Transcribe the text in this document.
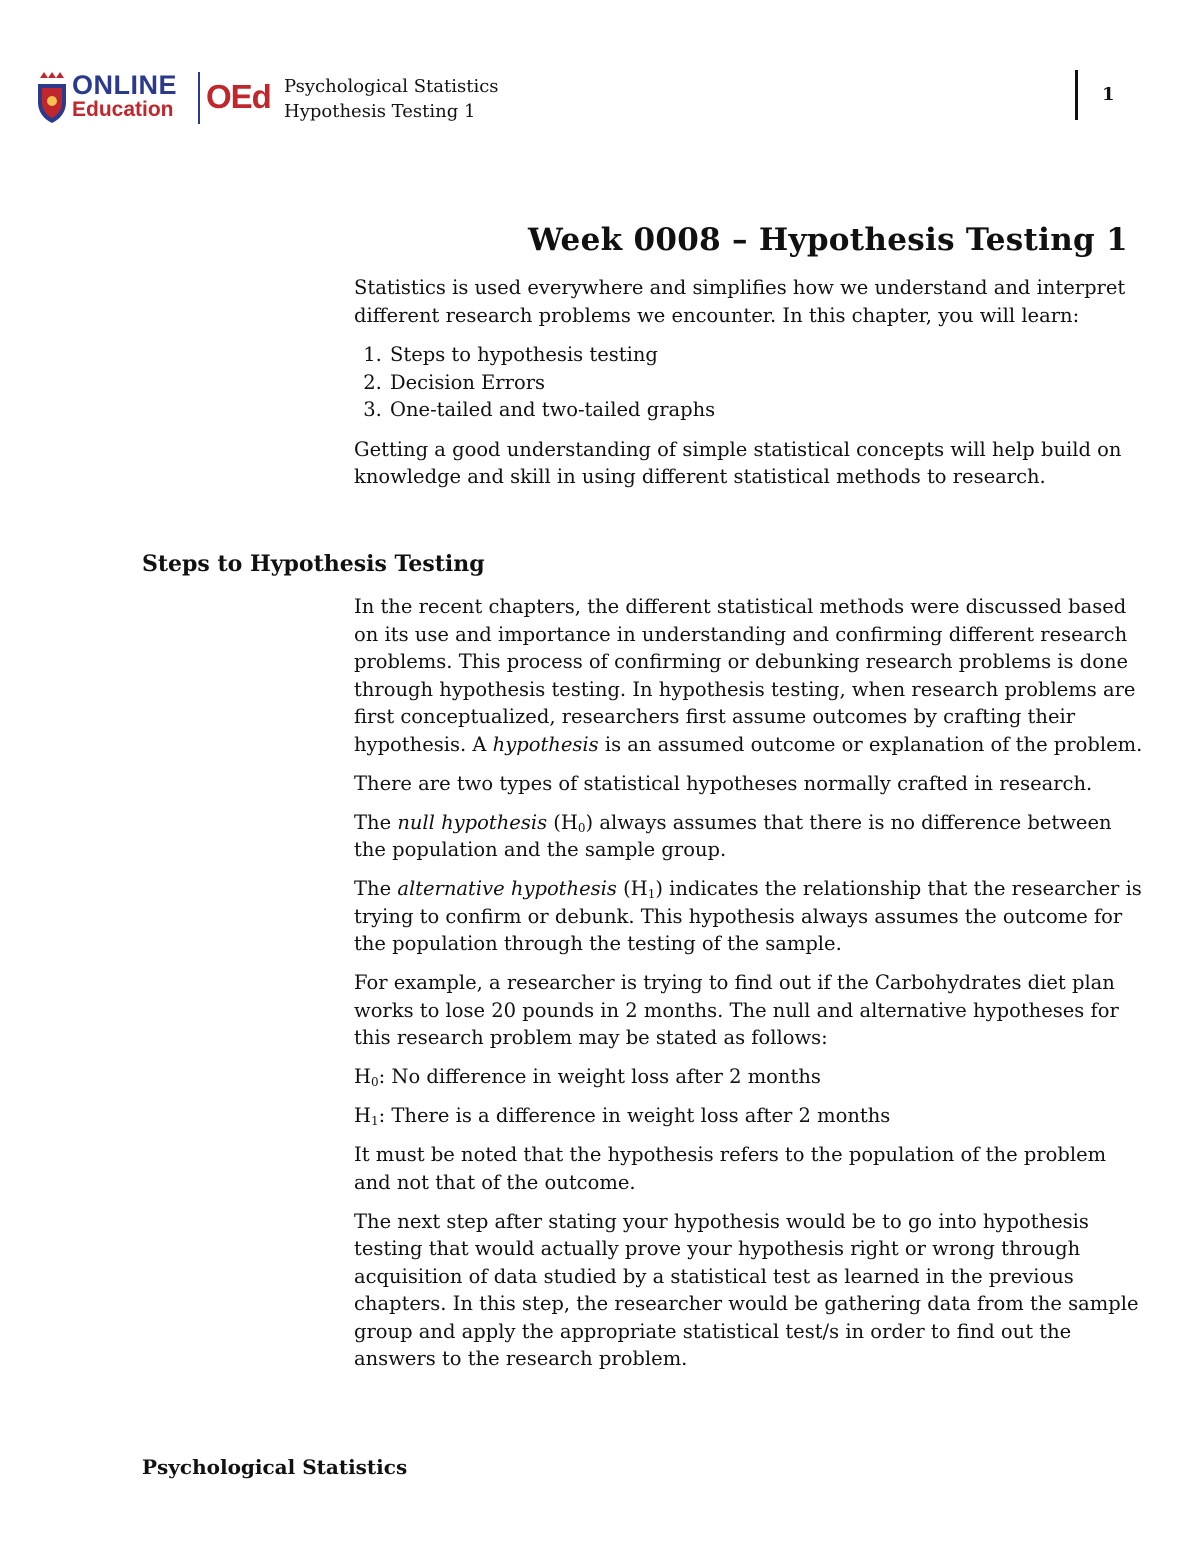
ONLINE
Education OEd Psychological Statistics
Hypothesis Testing 1
1
Week 0008 – Hypothesis Testing 1

Statistics is used everywhere and simplifies how we understand and interpret different research problems we encounter. In this chapter, you will learn:

1. Steps to hypothesis testing
2. Decision Errors
3. One-tailed and two-tailed graphs

Getting a good understanding of simple statistical concepts will help build on knowledge and skill in using different statistical methods to research.

Steps to Hypothesis Testing

In the recent chapters, the different statistical methods were discussed based on its use and importance in understanding and confirming different research problems. This process of confirming or debunking research problems is done through hypothesis testing. In hypothesis testing, when research problems are first conceptualized, researchers first assume outcomes by crafting their hypothesis. A hypothesis is an assumed outcome or explanation of the problem.

There are two types of statistical hypotheses normally crafted in research.

The null hypothesis $(H_0)$ always assumes that there is no difference between the population and the sample group.

The alternative hypothesis $(H_1)$ indicates the relationship that the researcher is trying to confirm or debunk. This hypothesis always assumes the outcome for the population through the testing of the sample.

For example, a researcher is trying to find out if the Carbohydrates diet plan works to lose 20 pounds in 2 months. The null and alternative hypotheses for this research problem may be stated as follows:

$H_0$: No difference in weight loss after 2 months

$H_1$: There is a difference in weight loss after 2 months

It must be noted that the hypothesis refers to the population of the problem and not that of the outcome.

The next step after stating your hypothesis would be to go into hypothesis testing that would actually prove your hypothesis right or wrong through acquisition of data studied by a statistical test as learned in the previous chapters. In this step, the researcher would be gathering data from the sample group and apply the appropriate statistical test/s in order to find out the answers to the research problem.

Psychological Statistics
